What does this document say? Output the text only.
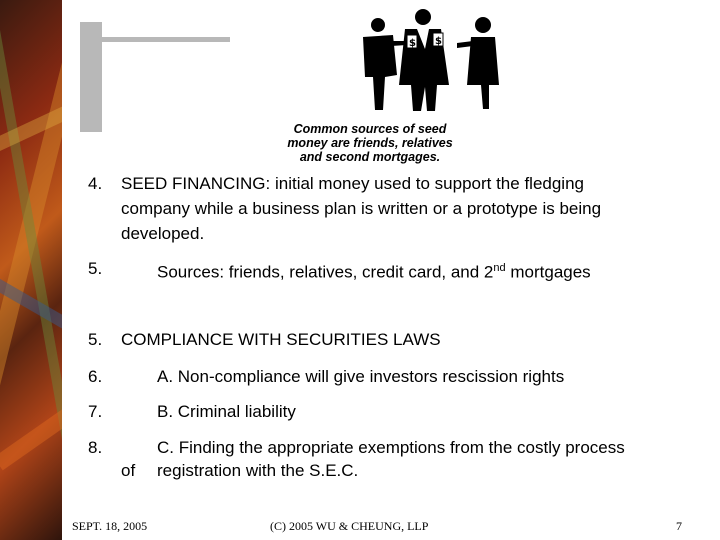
$ $
Common sources of seed
money are friends, relatives
and second mortgages.
4. SEED FINANCING: initial money used to support the fledging
company while a business plan is written or a prototype is being
developed.
5.	Sources: friends, relatives, credit card, and 2nd mortgages
5. COMPLIANCE WITH SECURITIES LAWS
6.	A. Non-compliance will give investors rescission rights
7.	B. Criminal liability
8.	C. Finding the appropriate exemptions from the costly process
of registration with the S.E.C.
SEPT. 18, 2005	(C) 2005 WU & CHEUNG, LLP	7
